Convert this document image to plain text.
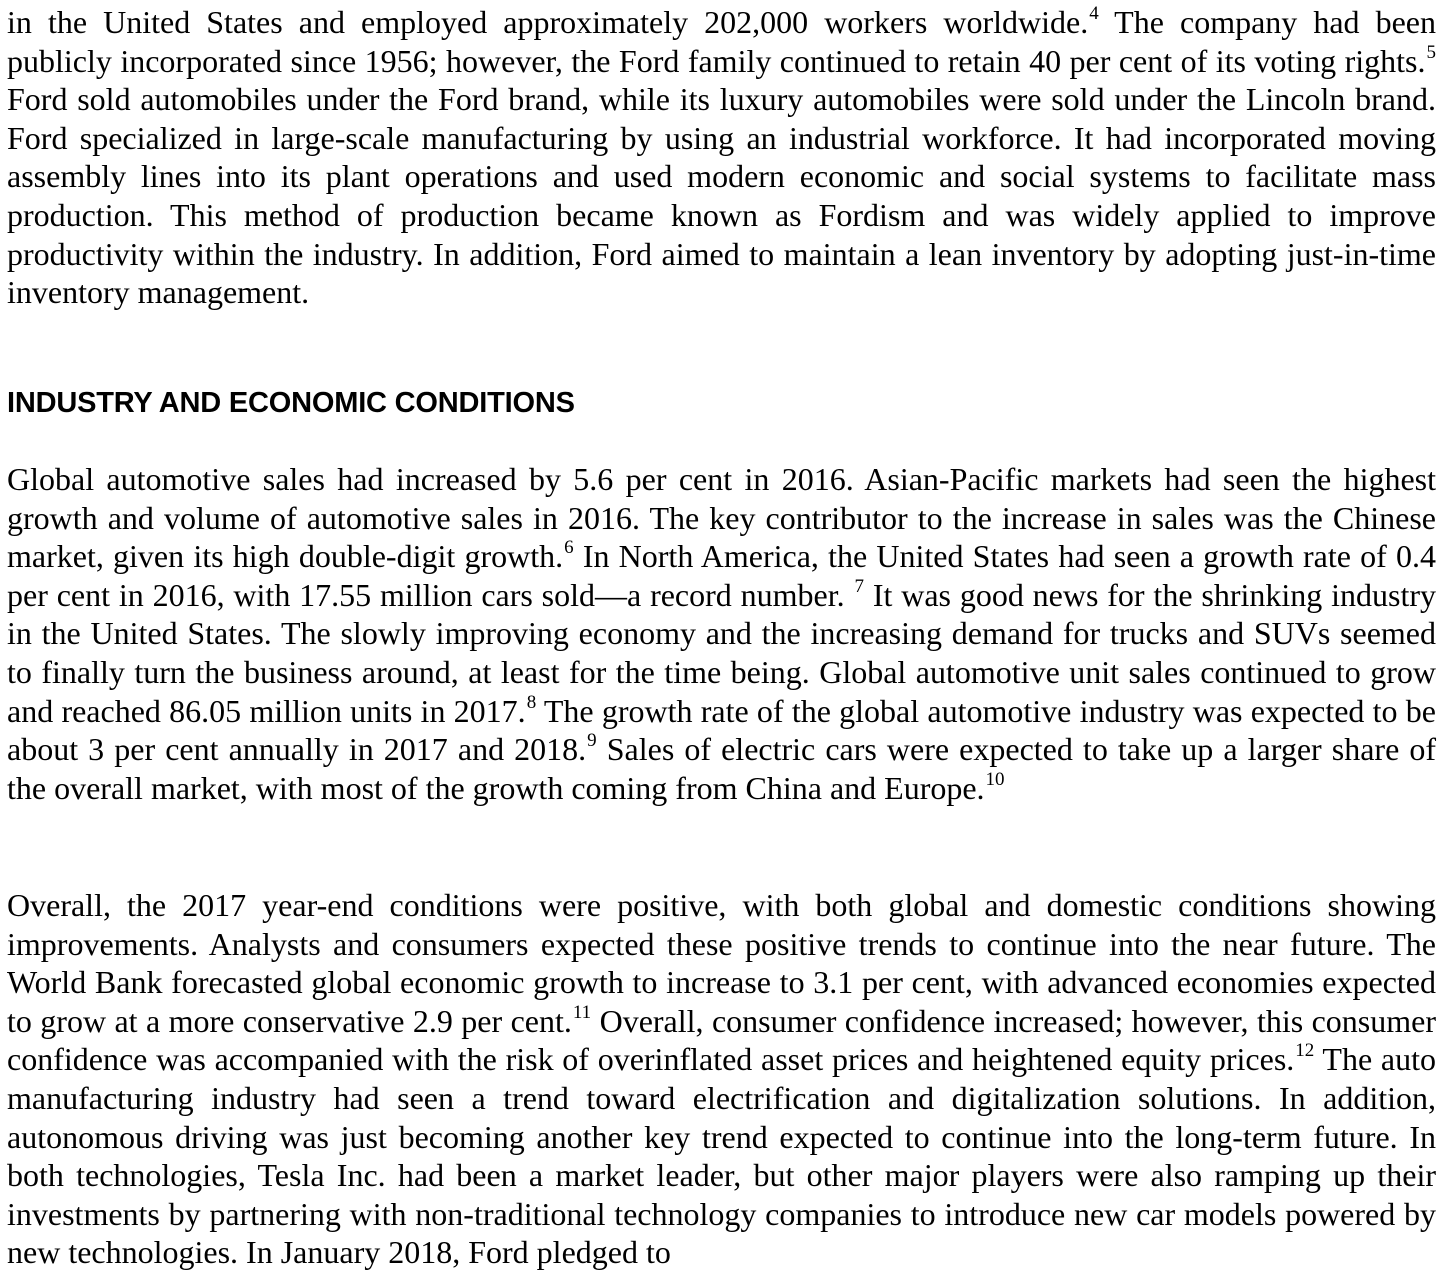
in the United States and employed approximately 202,000 workers worldwide.$^4$ The company had been publicly incorporated since 1956; however, the Ford family continued to retain 40 per cent of its voting rights.$^5$ Ford sold automobiles under the Ford brand, while its luxury automobiles were sold under the Lincoln brand. Ford specialized in large-scale manufacturing by using an industrial workforce. It had incorporated moving assembly lines into its plant operations and used modern economic and social systems to facilitate mass production. This method of production became known as Fordism and was widely applied to improve productivity within the industry. In addition, Ford aimed to maintain a lean inventory by adopting just-in-time inventory management.

INDUSTRY AND ECONOMIC CONDITIONS

Global automotive sales had increased by 5.6 per cent in 2016. Asian-Pacific markets had seen the highest growth and volume of automotive sales in 2016. The key contributor to the increase in sales was the Chinese market, given its high double-digit growth.$^6$ In North America, the United States had seen a growth rate of 0.4 per cent in 2016, with 17.55 million cars sold—a record number. $^7$ It was good news for the shrinking industry in the United States. The slowly improving economy and the increasing demand for trucks and SUVs seemed to finally turn the business around, at least for the time being. Global automotive unit sales continued to grow and reached 86.05 million units in 2017.$^8$ The growth rate of the global automotive industry was expected to be about 3 per cent annually in 2017 and 2018.$^9$ Sales of electric cars were expected to take up a larger share of the overall market, with most of the growth coming from China and Europe.$^{10}$

Overall, the 2017 year-end conditions were positive, with both global and domestic conditions showing improvements. Analysts and consumers expected these positive trends to continue into the near future. The World Bank forecasted global economic growth to increase to 3.1 per cent, with advanced economies expected to grow at a more conservative 2.9 per cent.$^{11}$ Overall, consumer confidence increased; however, this consumer confidence was accompanied with the risk of overinflated asset prices and heightened equity prices.$^{12}$ The auto manufacturing industry had seen a trend toward electrification and digitalization solutions. In addition, autonomous driving was just becoming another key trend expected to continue into the long-term future. In both technologies, Tesla Inc. had been a market leader, but other major players were also ramping up their investments by partnering with non-traditional technology companies to introduce new car models powered by new technologies. In January 2018, Ford pledged to
